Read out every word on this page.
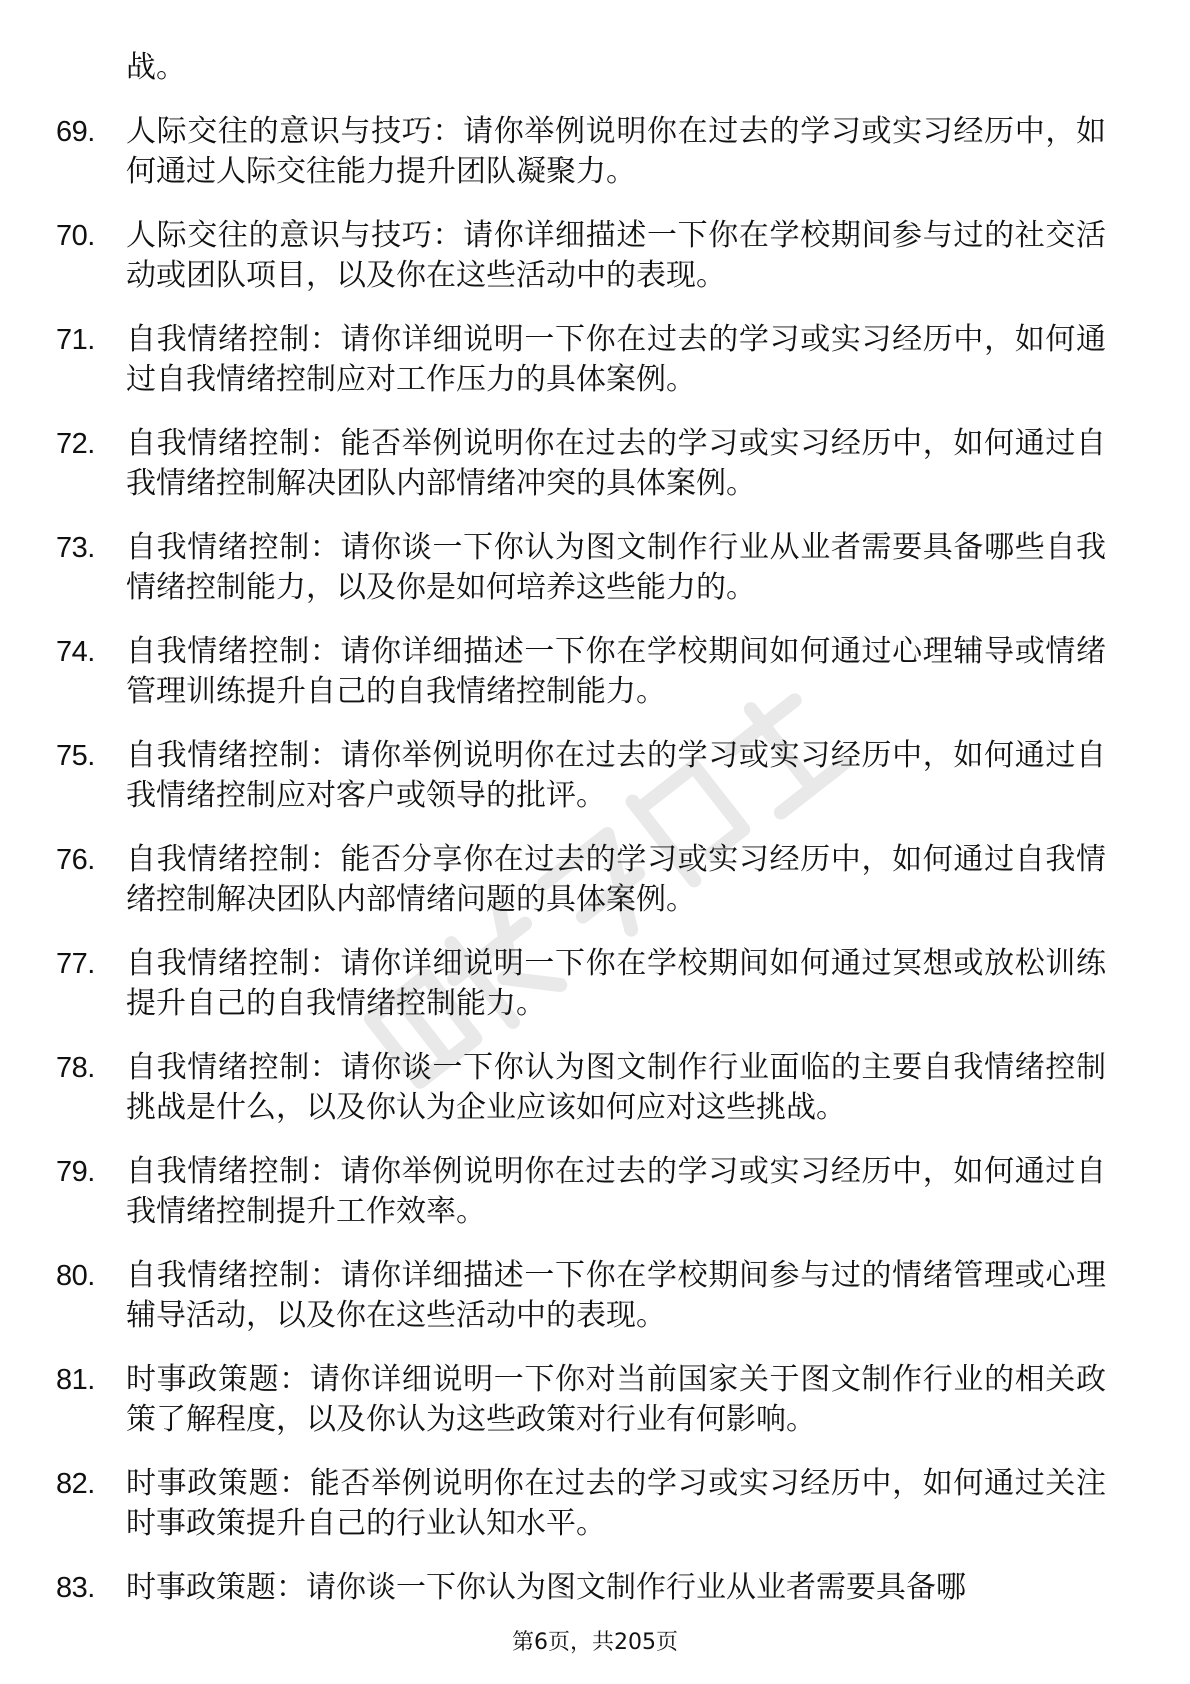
战。
69.	人际交往的意识与技巧：请你举例说明你在过去的学习或实习经历中，如何通过人际交往能力提升团队凝聚力。
70.	人际交往的意识与技巧：请你详细描述一下你在学校期间参与过的社交活动或团队项目，以及你在这些活动中的表现。
71.	自我情绪控制：请你详细说明一下你在过去的学习或实习经历中，如何通过自我情绪控制应对工作压力的具体案例。
72.	自我情绪控制：能否举例说明你在过去的学习或实习经历中，如何通过自我情绪控制解决团队内部情绪冲突的具体案例。
73.	自我情绪控制：请你谈一下你认为图文制作行业从业者需要具备哪些自我情绪控制能力，以及你是如何培养这些能力的。
74.	自我情绪控制：请你详细描述一下你在学校期间如何通过心理辅导或情绪管理训练提升自己的自我情绪控制能力。
75.	自我情绪控制：请你举例说明你在过去的学习或实习经历中，如何通过自我情绪控制应对客户或领导的批评。
76.	自我情绪控制：能否分享你在过去的学习或实习经历中，如何通过自我情绪控制解决团队内部情绪问题的具体案例。
77.	自我情绪控制：请你详细说明一下你在学校期间如何通过冥想或放松训练提升自己的自我情绪控制能力。
78.	自我情绪控制：请你谈一下你认为图文制作行业面临的主要自我情绪控制挑战是什么，以及你认为企业应该如何应对这些挑战。
79.	自我情绪控制：请你举例说明你在过去的学习或实习经历中，如何通过自我情绪控制提升工作效率。
80.	自我情绪控制：请你详细描述一下你在学校期间参与过的情绪管理或心理辅导活动，以及你在这些活动中的表现。
81.	时事政策题：请你详细说明一下你对当前国家关于图文制作行业的相关政策了解程度，以及你认为这些政策对行业有何影响。
82.	时事政策题：能否举例说明你在过去的学习或实习经历中，如何通过关注时事政策提升自己的行业认知水平。
83.	时事政策题：请你谈一下你认为图文制作行业从业者需要具备哪
第6页，共205页
